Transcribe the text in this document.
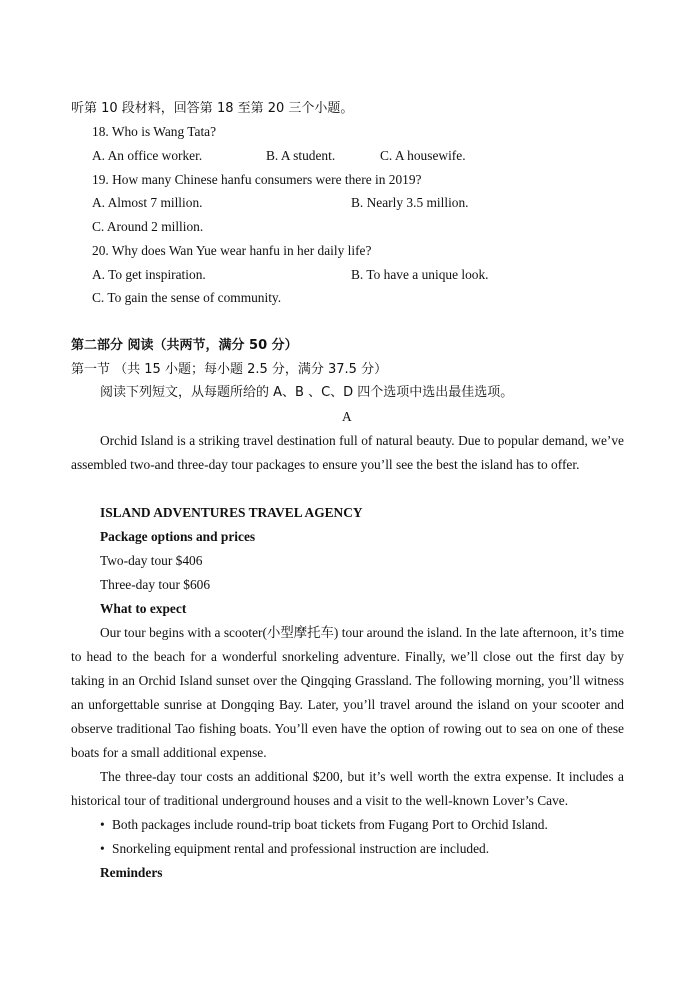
听第 10 段材料，回答第 18 至第 20 三个小题。
18. Who is Wang Tata?
A. An office worker.	B. A student.	C. A housewife.
19. How many Chinese hanfu consumers were there in 2019?
A. Almost 7 million.	B. Nearly 3.5 million.
C. Around 2 million.
20. Why does Wan Yue wear hanfu in her daily life?
A. To get inspiration.	B. To have a unique look.
C. To gain the sense of community.
第二部分 阅读（共两节，满分 50 分）
第一节 （共 15 小题；每小题 2.5 分，满分 37.5 分）
阅读下列短文，从每题所给的 A、B 、C、D 四个选项中选出最佳选项。
A
Orchid Island is a striking travel destination full of natural beauty. Due to popular demand, we’ve assembled two-and three-day tour packages to ensure you’ll see the best the island has to offer.
ISLAND ADVENTURES TRAVEL AGENCY
Package options and prices
Two-day tour $406
Three-day tour $606
What to expect
Our tour begins with a scooter(小型摩托车) tour around the island. In the late afternoon, it’s time to head to the beach for a wonderful snorkeling adventure. Finally, we’ll close out the first day by taking in an Orchid Island sunset over the Qingqing Grassland. The following morning, you’ll witness an unforgettable sunrise at Dongqing Bay. Later, you’ll travel around the island on your scooter and observe traditional Tao fishing boats. You’ll even have the option of rowing out to sea on one of these boats for a small additional expense.
The three-day tour costs an additional $200, but it’s well worth the extra expense. It includes a historical tour of traditional underground houses and a visit to the well-known Lover’s Cave.
• Both packages include round-trip boat tickets from Fugang Port to Orchid Island.
• Snorkeling equipment rental and professional instruction are included.
Reminders
